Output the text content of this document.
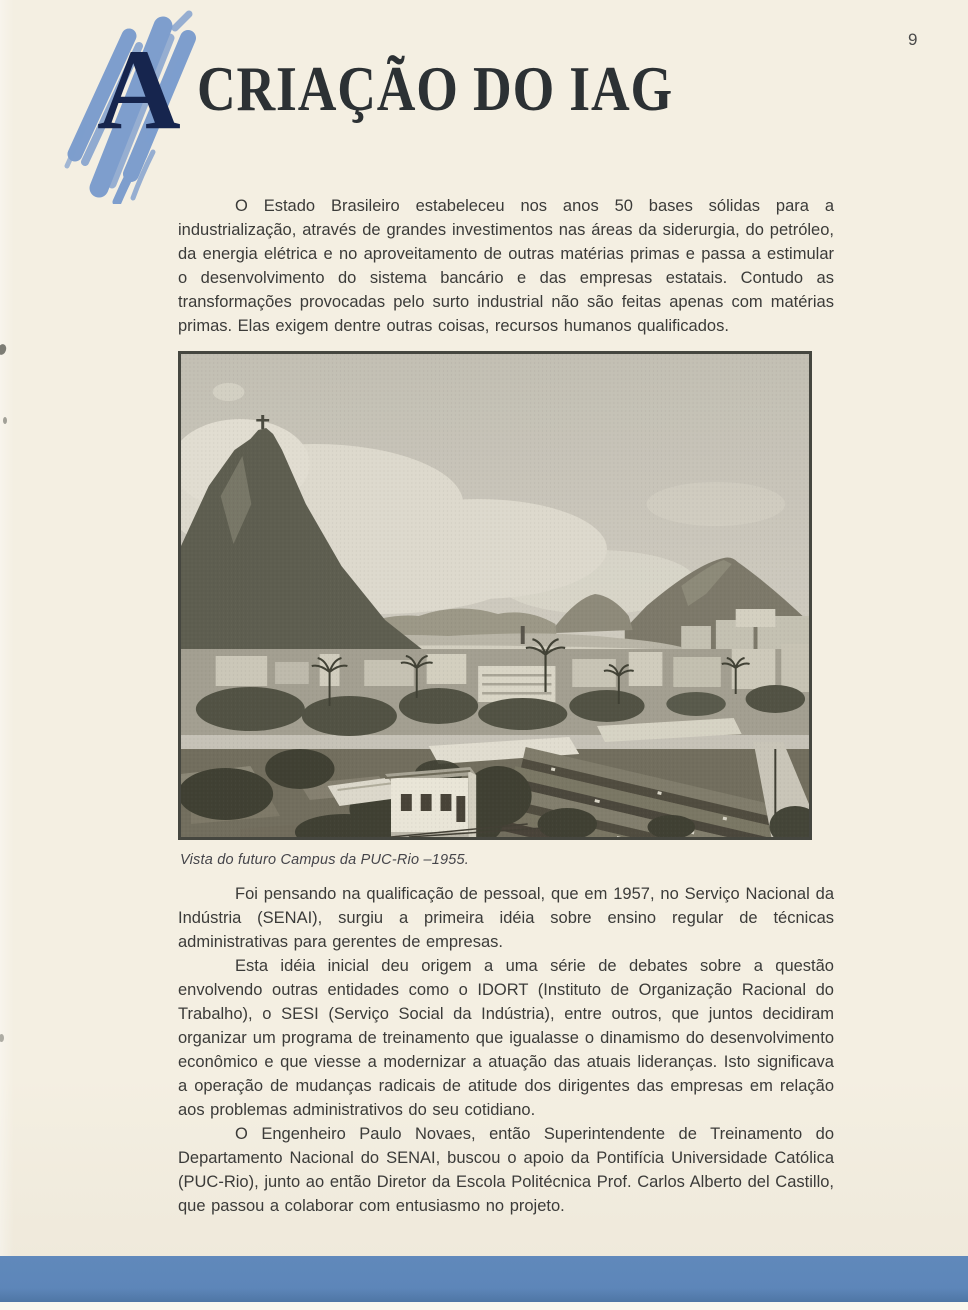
9
A CRIAÇÃO DO IAG

O Estado Brasileiro estabeleceu nos anos 50 bases sólidas para a industrialização, através de grandes investimentos nas áreas da siderurgia, do petróleo, da energia elétrica e no aproveitamento de outras matérias primas e passa a estimular o desenvolvimento do sistema bancário e das empresas estatais. Contudo as transformações provocadas pelo surto industrial não são feitas apenas com matérias primas. Elas exigem dentre outras coisas, recursos humanos qualificados.

Vista do futuro Campus da PUC-Rio –1955.

Foi pensando na qualificação de pessoal, que em 1957, no Serviço Nacional da Indústria (SENAI), surgiu a primeira idéia sobre ensino regular de técnicas administrativas para gerentes de empresas.

Esta idéia inicial deu origem a uma série de debates sobre a questão envolvendo outras entidades como o IDORT (Instituto de Organização Racional do Trabalho), o SESI (Serviço Social da Indústria), entre outros, que juntos decidiram organizar um programa de treinamento que igualasse o dinamismo do desenvolvimento econômico e que viesse a modernizar a atuação das atuais lideranças. Isto significava a operação de mudanças radicais de atitude dos dirigentes das empresas em relação aos problemas administrativos do seu cotidiano.

O Engenheiro Paulo Novaes, então Superintendente de Treinamento do Departamento Nacional do SENAI, buscou o apoio da Pontifícia Universidade Católica (PUC-Rio), junto ao então Diretor da Escola Politécnica Prof. Carlos Alberto del Castillo, que passou a colaborar com entusiasmo no projeto.
